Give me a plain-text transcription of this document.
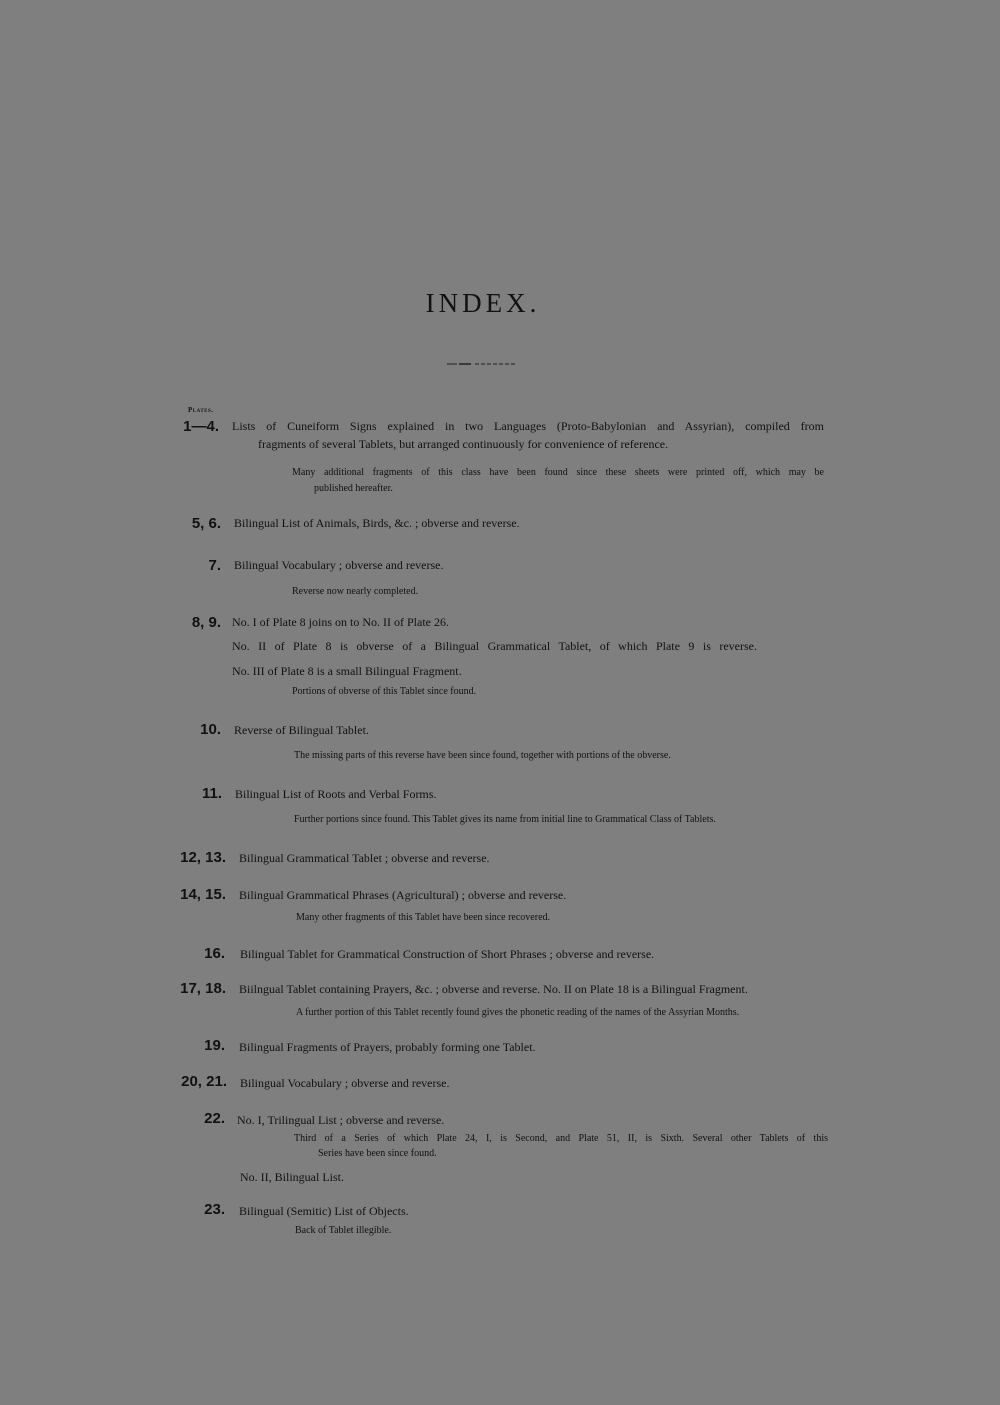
INDEX.
Plates.
1—4. Lists of Cuneiform Signs explained in two Languages (Proto-Babylonian and Assyrian), compiled from
fragments of several Tablets, but arranged continuously for convenience of reference.
Many additional fragments of this class have been found since these sheets were printed off, which may be
published hereafter.
5, 6. Bilingual List of Animals, Birds, &c. ; obverse and reverse.
7. Bilingual Vocabulary ; obverse and reverse.
Reverse now nearly completed.
8, 9. No. I of Plate 8 joins on to No. II of Plate 26.
No. II of Plate 8 is obverse of a Bilingual Grammatical Tablet, of which Plate 9 is reverse.
No. III of Plate 8 is a small Bilingual Fragment.
Portions of obverse of this Tablet since found.
10. Reverse of Bilingual Tablet.
The missing parts of this reverse have been since found, together with portions of the obverse.
11. Bilingual List of Roots and Verbal Forms.
Further portions since found. This Tablet gives its name from initial line to Grammatical Class of Tablets.
12, 13. Bilingual Grammatical Tablet ; obverse and reverse.
14, 15. Bilingual Grammatical Phrases (Agricultural) ; obverse and reverse.
Many other fragments of this Tablet have been since recovered.
16. Bilingual Tablet for Grammatical Construction of Short Phrases ; obverse and reverse.
17, 18. Biilngual Tablet containing Prayers, &c. ; obverse and reverse. No. II on Plate 18 is a Bilingual Fragment.
A further portion of this Tablet recently found gives the phonetic reading of the names of the Assyrian Months.
19. Bilingual Fragments of Prayers, probably forming one Tablet.
20, 21. Bilingual Vocabulary ; obverse and reverse.
22. No. I, Trilingual List ; obverse and reverse.
Third of a Series of which Plate 24, I, is Second, and Plate 51, II, is Sixth. Several other Tablets of this
Series have been since found.
No. II, Bilingual List.
23. Bilingual (Semitic) List of Objects.
Back of Tablet illegible.
